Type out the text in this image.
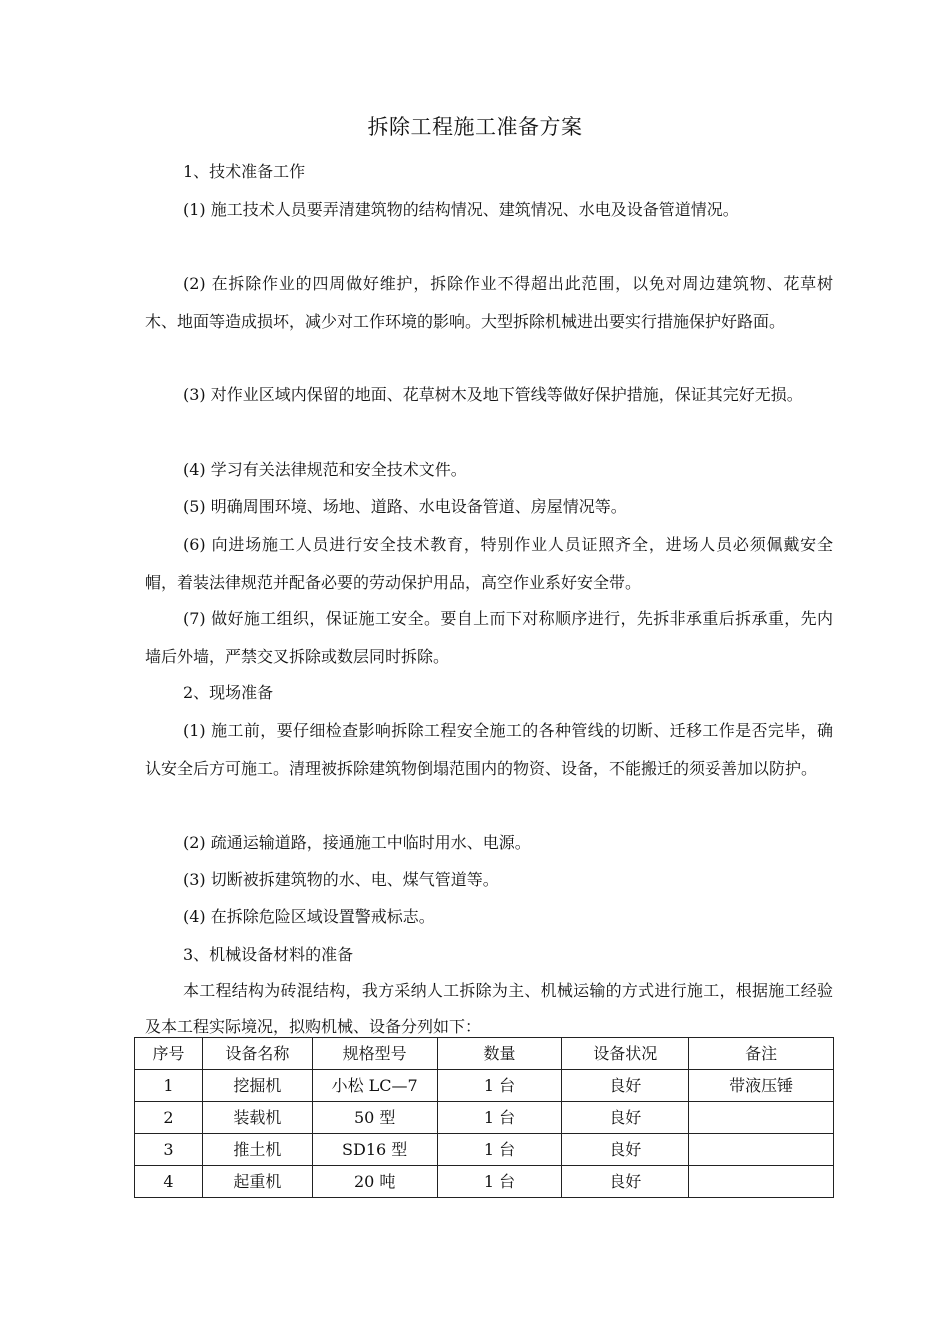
拆除工程施工准备方案

1、技术准备工作

(1) 施工技术人员要弄清建筑物的结构情况、建筑情况、水电及设备管道情况。

(2) 在拆除作业的四周做好维护，拆除作业不得超出此范围，以免对周边建筑物、花草树木、地面等造成损坏，减少对工作环境的影响。大型拆除机械进出要实行措施保护好路面。

(3) 对作业区域内保留的地面、花草树木及地下管线等做好保护措施，保证其完好无损。

(4) 学习有关法律规范和安全技术文件。

(5) 明确周围环境、场地、道路、水电设备管道、房屋情况等。

(6) 向进场施工人员进行安全技术教育，特别作业人员证照齐全，进场人员必须佩戴安全帽，着装法律规范并配备必要的劳动保护用品，高空作业系好安全带。

(7) 做好施工组织，保证施工安全。要自上而下对称顺序进行，先拆非承重后拆承重，先内墙后外墙，严禁交叉拆除或数层同时拆除。

2、现场准备

(1) 施工前，要仔细检查影响拆除工程安全施工的各种管线的切断、迁移工作是否完毕，确认安全后方可施工。清理被拆除建筑物倒塌范围内的物资、设备，不能搬迁的须妥善加以防护。

(2) 疏通运输道路，接通施工中临时用水、电源。

(3) 切断被拆建筑物的水、电、煤气管道等。

(4) 在拆除危险区域设置警戒标志。

3、机械设备材料的准备

本工程结构为砖混结构，我方采纳人工拆除为主、机械运输的方式进行施工，根据施工经验及本工程实际境况，拟购机械、设备分列如下：

序号	设备名称	规格型号	数量	设备状况	备注
1	挖掘机	小松 LC—7	1 台	良好	带液压锤
2	装载机	50 型	1 台	良好	
3	推土机	SD16 型	1 台	良好	
4	起重机	20 吨	1 台	良好	
